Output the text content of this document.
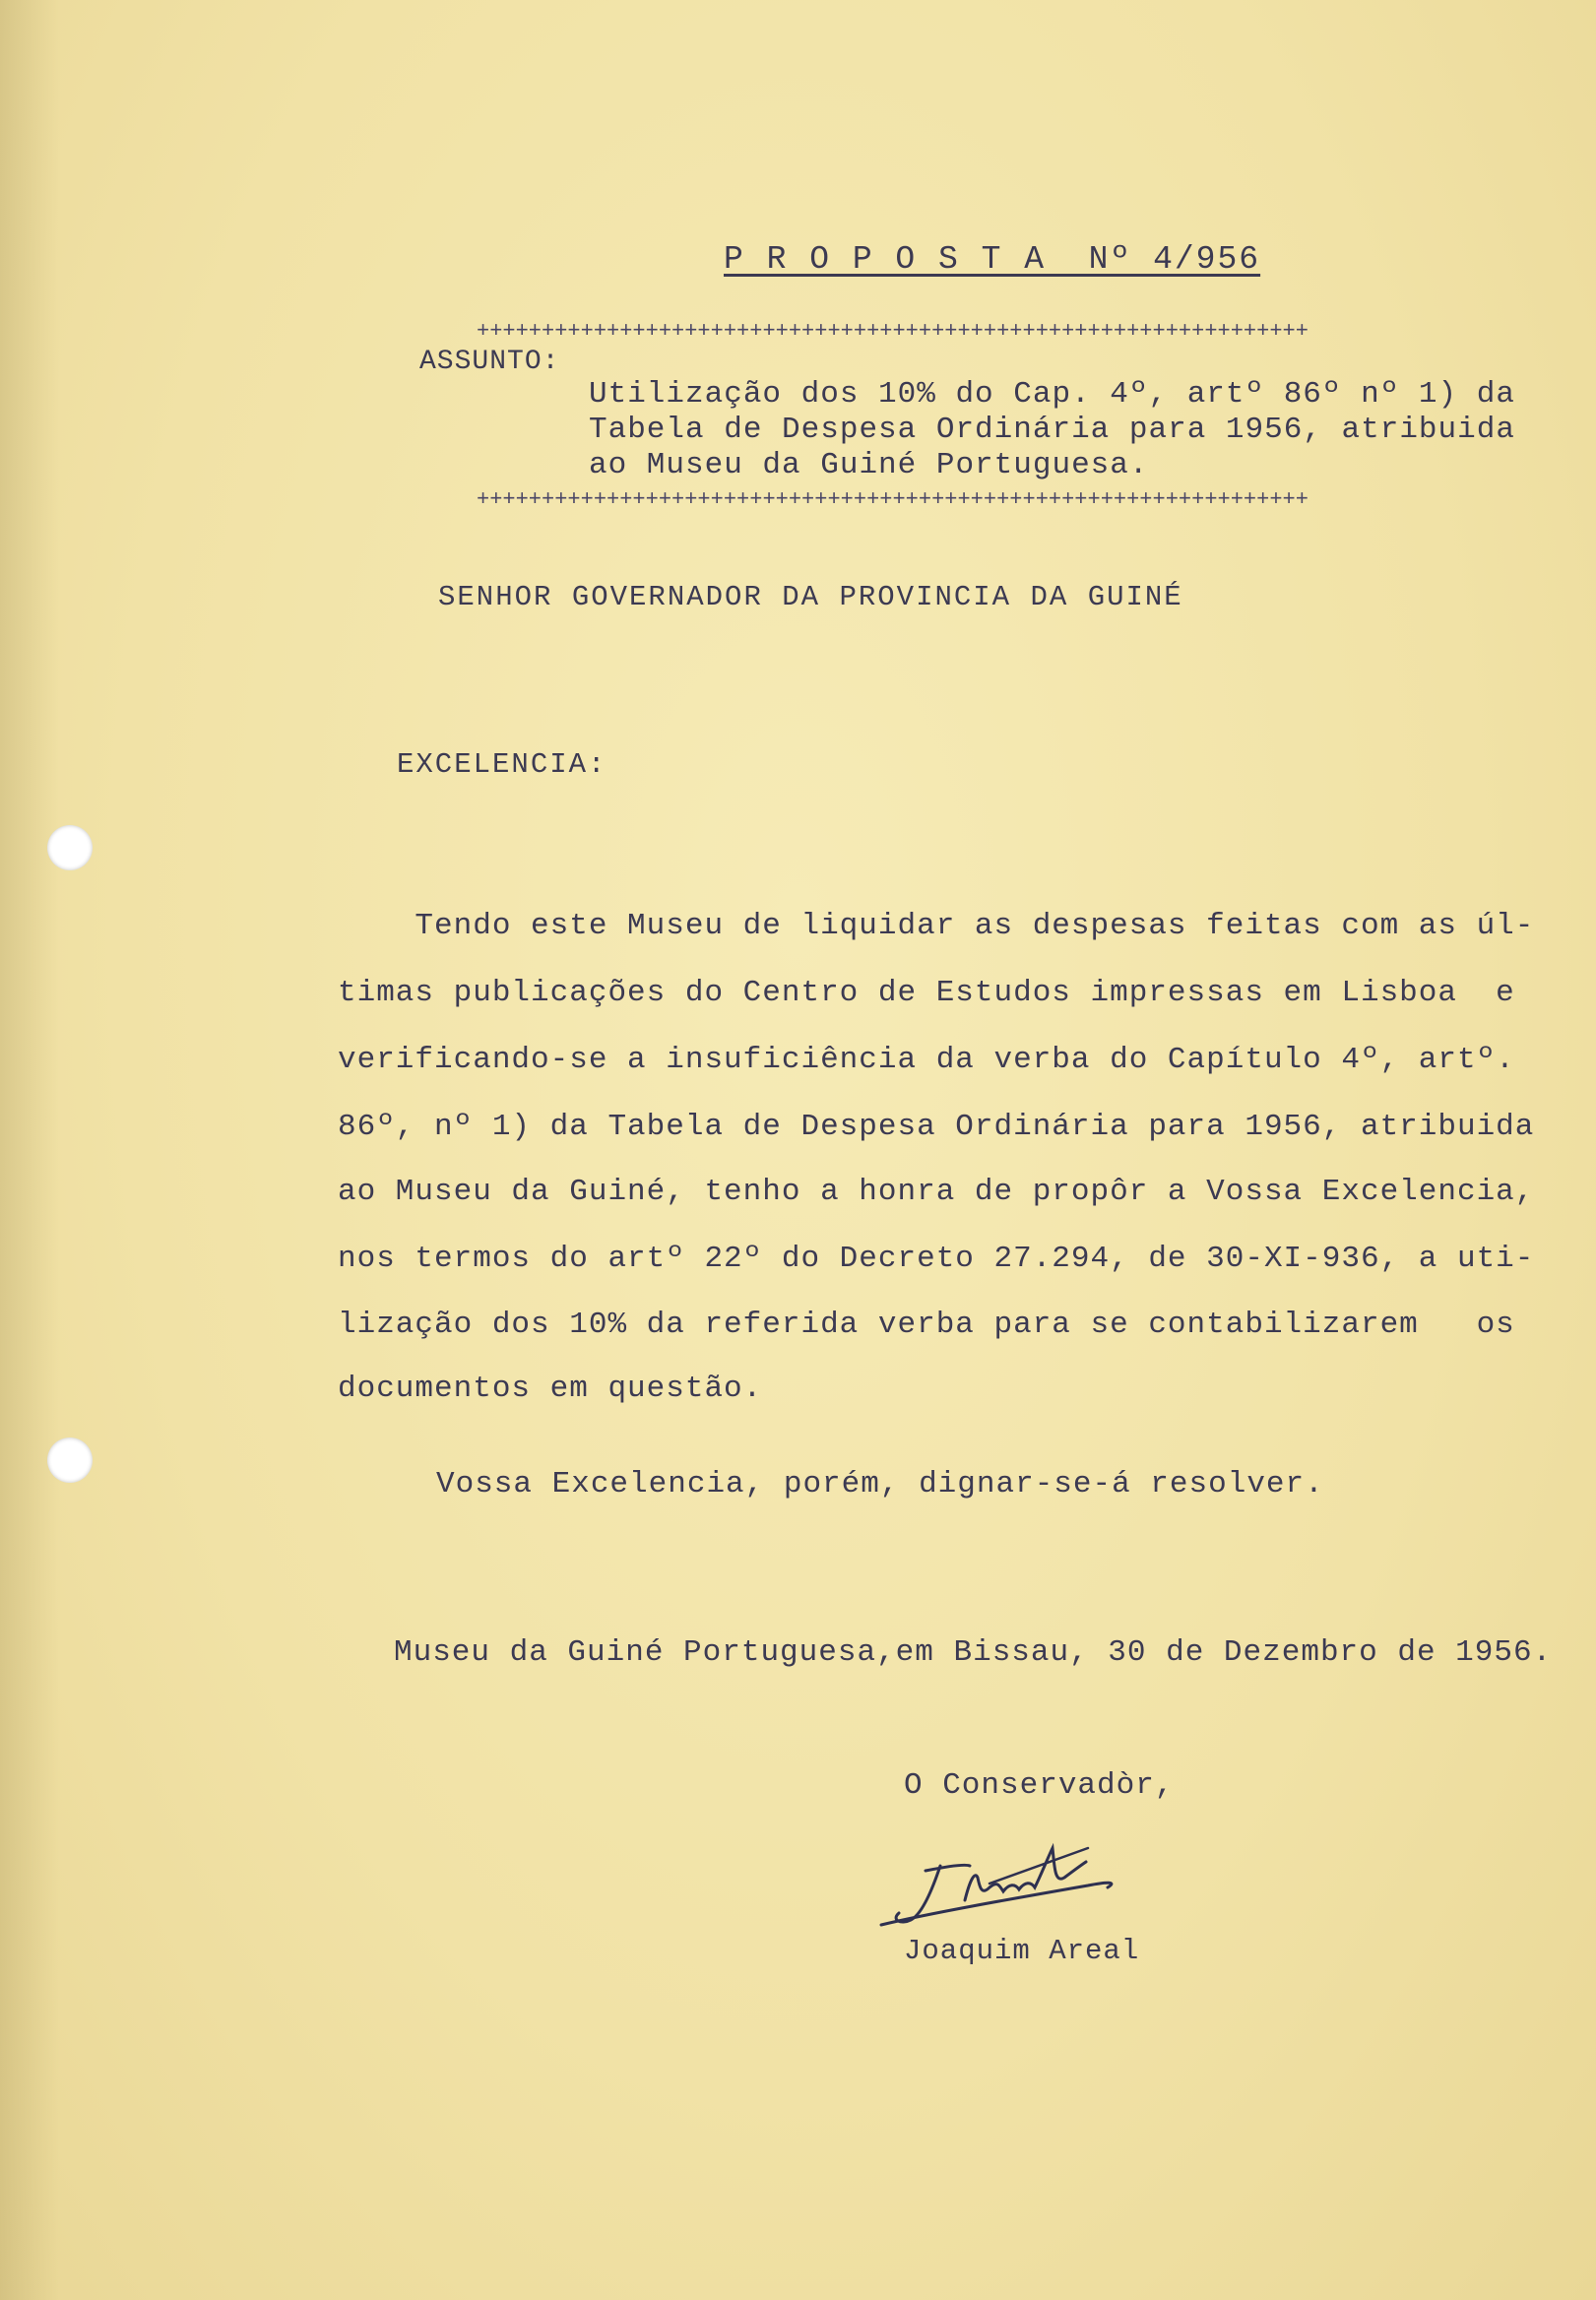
P R O P O S T A  Nº 4/956
++++++++++++++++++++++++++++++++++++++++++++++++++++++++++++++++
ASSUNTO:
Utilização dos 10% do Cap. 4º, artº 86º nº 1) da
Tabela de Despesa Ordinária para 1956, atribuida
ao Museu da Guiné Portuguesa.
++++++++++++++++++++++++++++++++++++++++++++++++++++++++++++++++
SENHOR GOVERNADOR DA PROVINCIA DA GUINÉ
EXCELENCIA:
Tendo este Museu de liquidar as despesas feitas com as úl-
timas publicações do Centro de Estudos impressas em Lisboa  e
verificando-se a insuficiência da verba do Capítulo 4º, artº.
86º, nº 1) da Tabela de Despesa Ordinária para 1956, atribuida
ao Museu da Guiné, tenho a honra de propôr a Vossa Excelencia,
nos termos do artº 22º do Decreto 27.294, de 30-XI-936, a uti-
lização dos 10% da referida verba para se contabilizarem   os
documentos em questão.
Vossa Excelencia, porém, dignar-se-á resolver.
Museu da Guiné Portuguesa,em Bissau, 30 de Dezembro de 1956.
O Conservadòr,
Joaquim Areal
